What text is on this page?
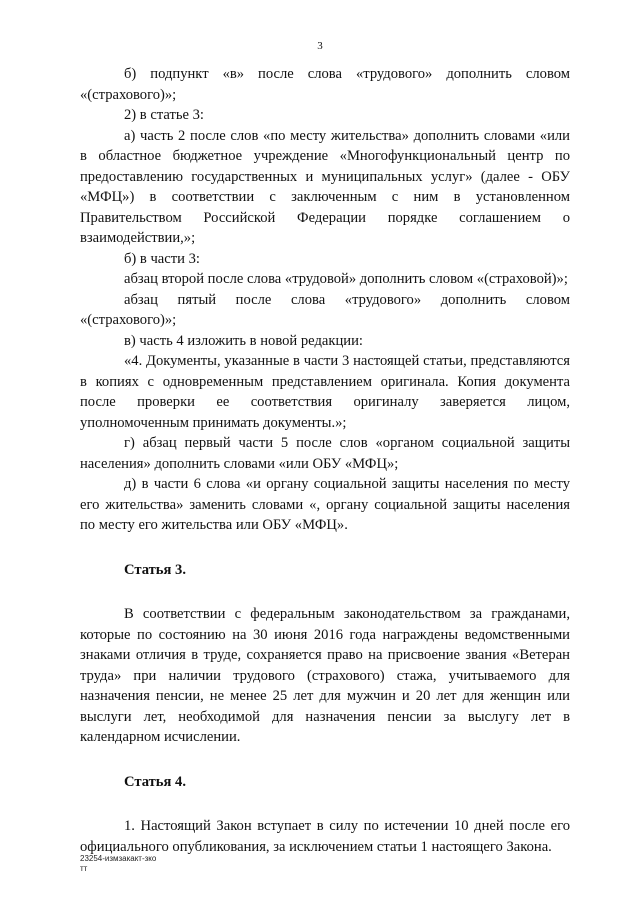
3

б) подпункт «в» после слова «трудового» дополнить словом «(страхового)»;

2) в статье 3:

а) часть 2 после слов «по месту жительства» дополнить словами «или в областное бюджетное учреждение «Многофункциональный центр по предоставлению государственных и муниципальных услуг» (далее - ОБУ «МФЦ») в соответствии с заключенным с ним в установленном Правительством Российской Федерации порядке соглашением о взаимодействии,»;

б) в части 3:

абзац второй после слова «трудовой» дополнить словом «(страховой)»;

абзац пятый после слова «трудового» дополнить словом «(страхового)»;

в) часть 4 изложить в новой редакции:

«4. Документы, указанные в части 3 настоящей статьи, представляются в копиях с одновременным представлением оригинала. Копия документа после проверки ее соответствия оригиналу заверяется лицом, уполномоченным принимать документы.»;

г) абзац первый части 5 после слов «органом социальной защиты населения» дополнить словами «или ОБУ «МФЦ»;

д) в части 6 слова «и органу социальной защиты населения по месту его жительства» заменить словами «, органу социальной защиты населения по месту его жительства или ОБУ «МФЦ».

Статья 3.

В соответствии с федеральным законодательством за гражданами, которые по состоянию на 30 июня 2016 года награждены ведомственными знаками отличия в труде, сохраняется право на присвоение звания «Ветеран труда» при наличии трудового (страхового) стажа, учитываемого для назначения пенсии, не менее 25 лет для мужчин и 20 лет для женщин или выслуги лет, необходимой для назначения пенсии за выслугу лет в календарном исчислении.

Статья 4.

1. Настоящий Закон вступает в силу по истечении 10 дней после его официального опубликования, за исключением статьи 1 настоящего Закона.

23254-измзакакт-зко
тт
